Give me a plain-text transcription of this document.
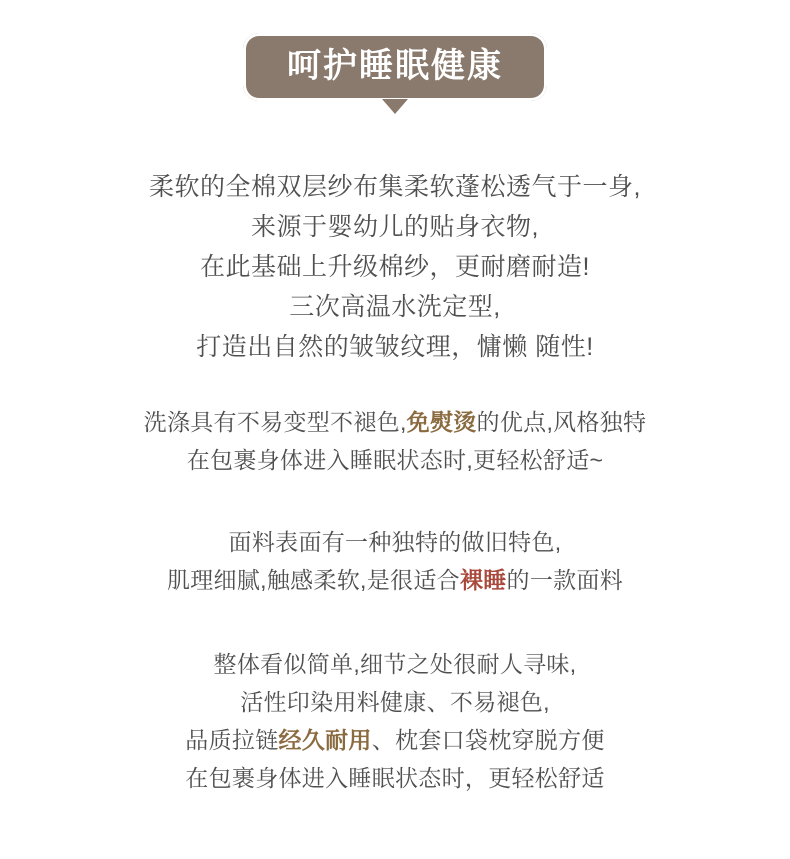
呵护睡眠健康
柔软的全棉双层纱布集柔软蓬松透气于一身,
来源于婴幼儿的贴身衣物,
在此基础上升级棉纱，更耐磨耐造!
三次高温水洗定型,
打造出自然的皱皱纹理，慵懒 随性!
洗涤具有不易变型不褪色,免熨烫的优点,风格独特
在包裹身体进入睡眠状态时,更轻松舒适~
面料表面有一种独特的做旧特色,
肌理细腻,触感柔软,是很适合裸睡的一款面料
整体看似简单,细节之处很耐人寻味,
活性印染用料健康、不易褪色,
品质拉链经久耐用、枕套口袋枕穿脱方便
在包裹身体进入睡眠状态时，更轻松舒适
